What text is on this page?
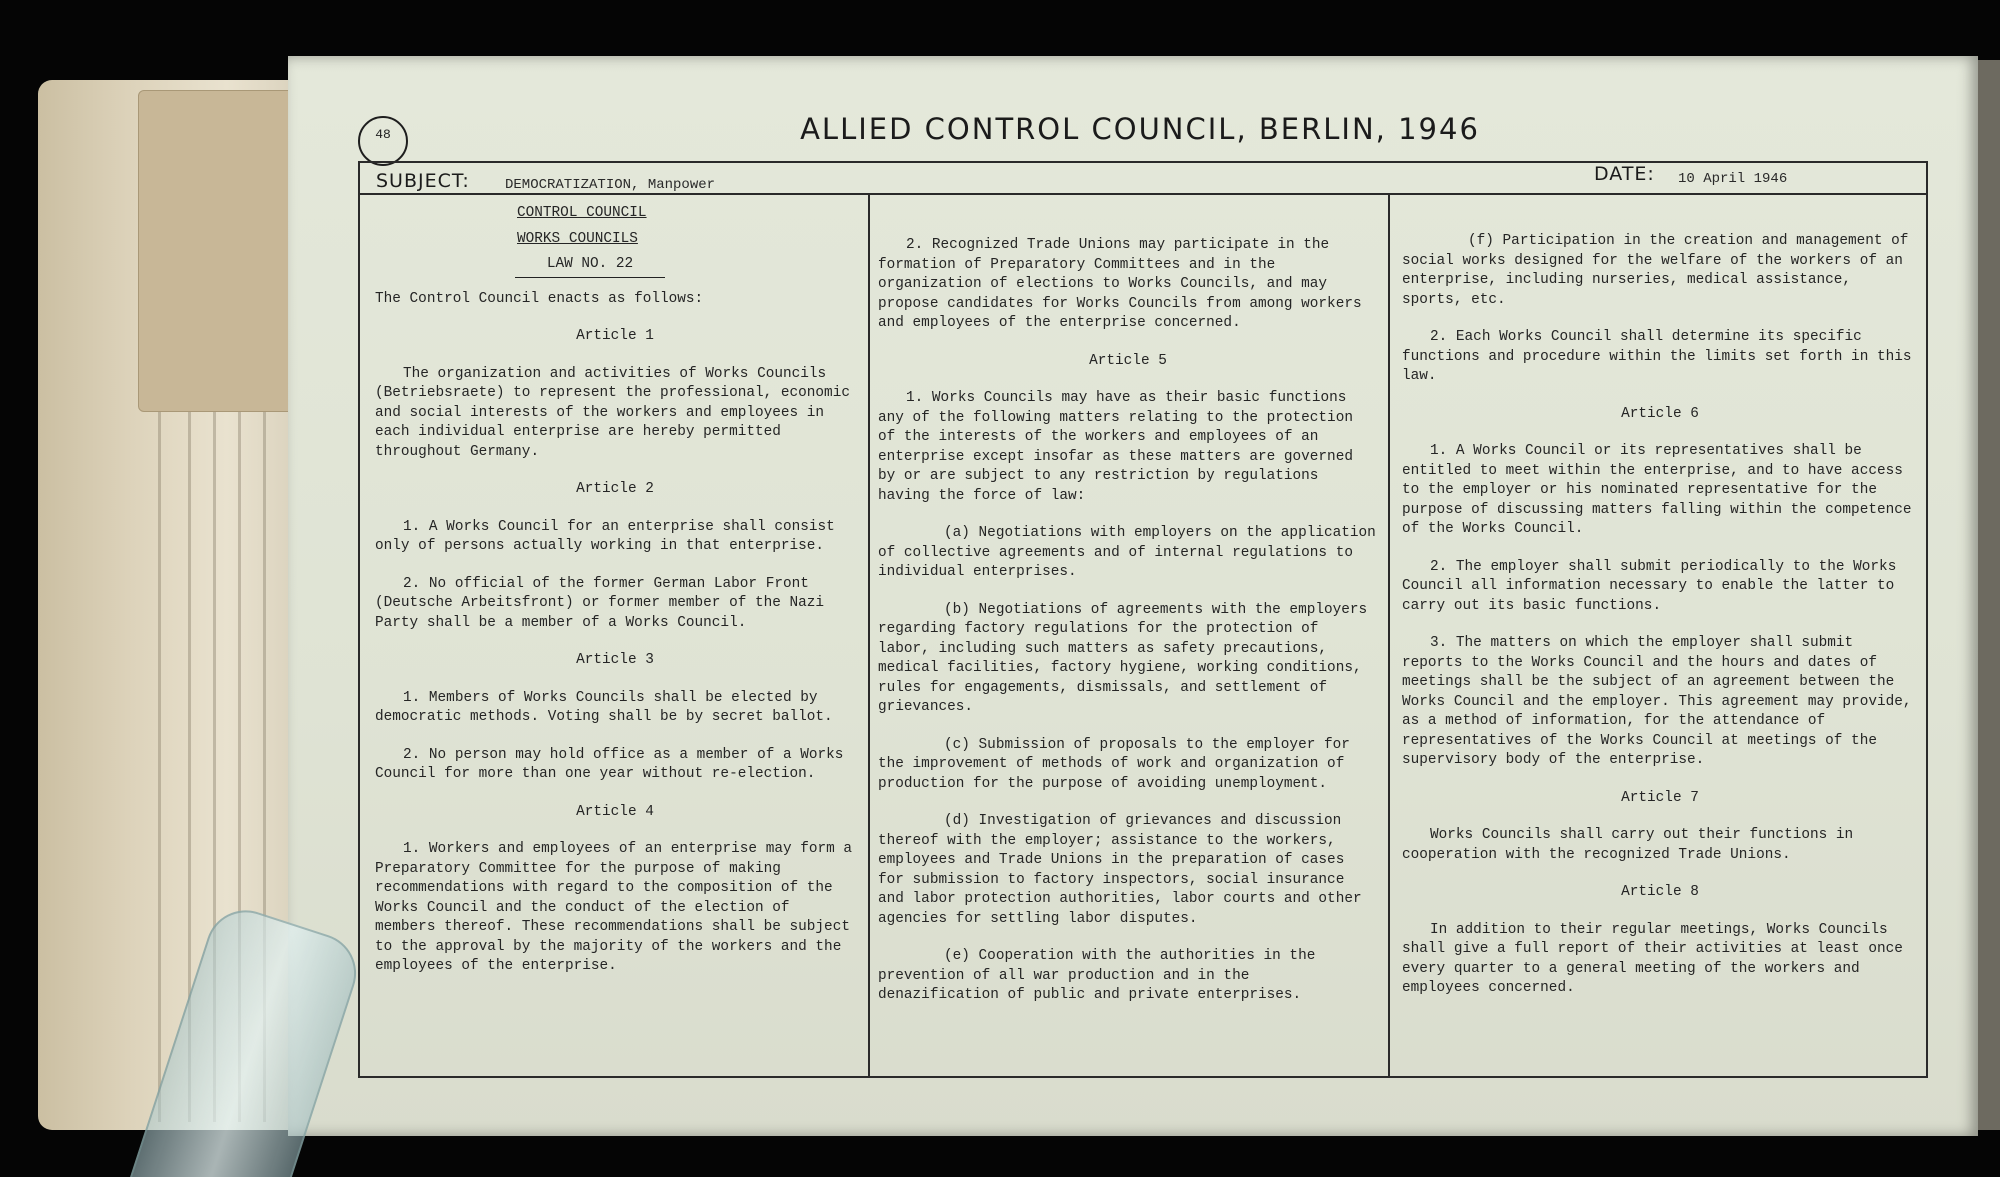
48	ALLIED CONTROL COUNCIL, BERLIN, 1946
SUBJECT:	DEMOCRATIZATION, Manpower	DATE: 10 April 1946
CONTROL COUNCIL
WORKS COUNCILS
LAW NO. 22

The Control Council enacts as follows:

Article 1

The organization and activities of Works Councils (Betriebsraete) to represent the professional, economic and social interests of the workers and employees in each individual enterprise are hereby permitted throughout Germany.

Article 2

1. A Works Council for an enterprise shall consist only of persons actually working in that enterprise.

2. No official of the former German Labor Front (Deutsche Arbeitsfront) or former member of the Nazi Party shall be a member of a Works Council.

Article 3

1. Members of Works Councils shall be elected by democratic methods. Voting shall be by secret ballot.

2. No person may hold office as a member of a Works Council for more than one year without re-election.

Article 4

1. Workers and employees of an enterprise may form a Preparatory Committee for the purpose of making recommendations with regard to the composition of the Works Council and the conduct of the election of members thereof. These recommendations shall be subject to the approval by the majority of the workers and the employees of the enterprise.

2. Recognized Trade Unions may participate in the formation of Preparatory Committees and in the organization of elections to Works Councils, and may propose candidates for Works Councils from among workers and employees of the enterprise concerned.

Article 5

1. Works Councils may have as their basic functions any of the following matters relating to the protection of the interests of the workers and employees of an enterprise except insofar as these matters are governed by or are subject to any restriction by regulations having the force of law:

(a) Negotiations with employers on the application of collective agreements and of internal regulations to individual enterprises.

(b) Negotiations of agreements with the employers regarding factory regulations for the protection of labor, including such matters as safety precautions, medical facilities, factory hygiene, working conditions, rules for engagements, dismissals, and settlement of grievances.

(c) Submission of proposals to the employer for the improvement of methods of work and organization of production for the purpose of avoiding unemployment.

(d) Investigation of grievances and discussion thereof with the employer; assistance to the workers, employees and Trade Unions in the preparation of cases for submission to factory inspectors, social insurance and labor protection authorities, labor courts and other agencies for settling labor disputes.

(e) Cooperation with the authorities in the prevention of all war production and in the denazification of public and private enterprises.

(f) Participation in the creation and management of social works designed for the welfare of the workers of an enterprise, including nurseries, medical assistance, sports, etc.

2. Each Works Council shall determine its specific functions and procedure within the limits set forth in this law.

Article 6

1. A Works Council or its representatives shall be entitled to meet within the enterprise, and to have access to the employer or his nominated representative for the purpose of discussing matters falling within the competence of the Works Council.

2. The employer shall submit periodically to the Works Council all information necessary to enable the latter to carry out its basic functions.

3. The matters on which the employer shall submit reports to the Works Council and the hours and dates of meetings shall be the subject of an agreement between the Works Council and the employer. This agreement may provide, as a method of information, for the attendance of representatives of the Works Council at meetings of the supervisory body of the enterprise.

Article 7

Works Councils shall carry out their functions in cooperation with the recognized Trade Unions.

Article 8

In addition to their regular meetings, Works Councils shall give a full report of their activities at least once every quarter to a general meeting of the workers and employees concerned.
